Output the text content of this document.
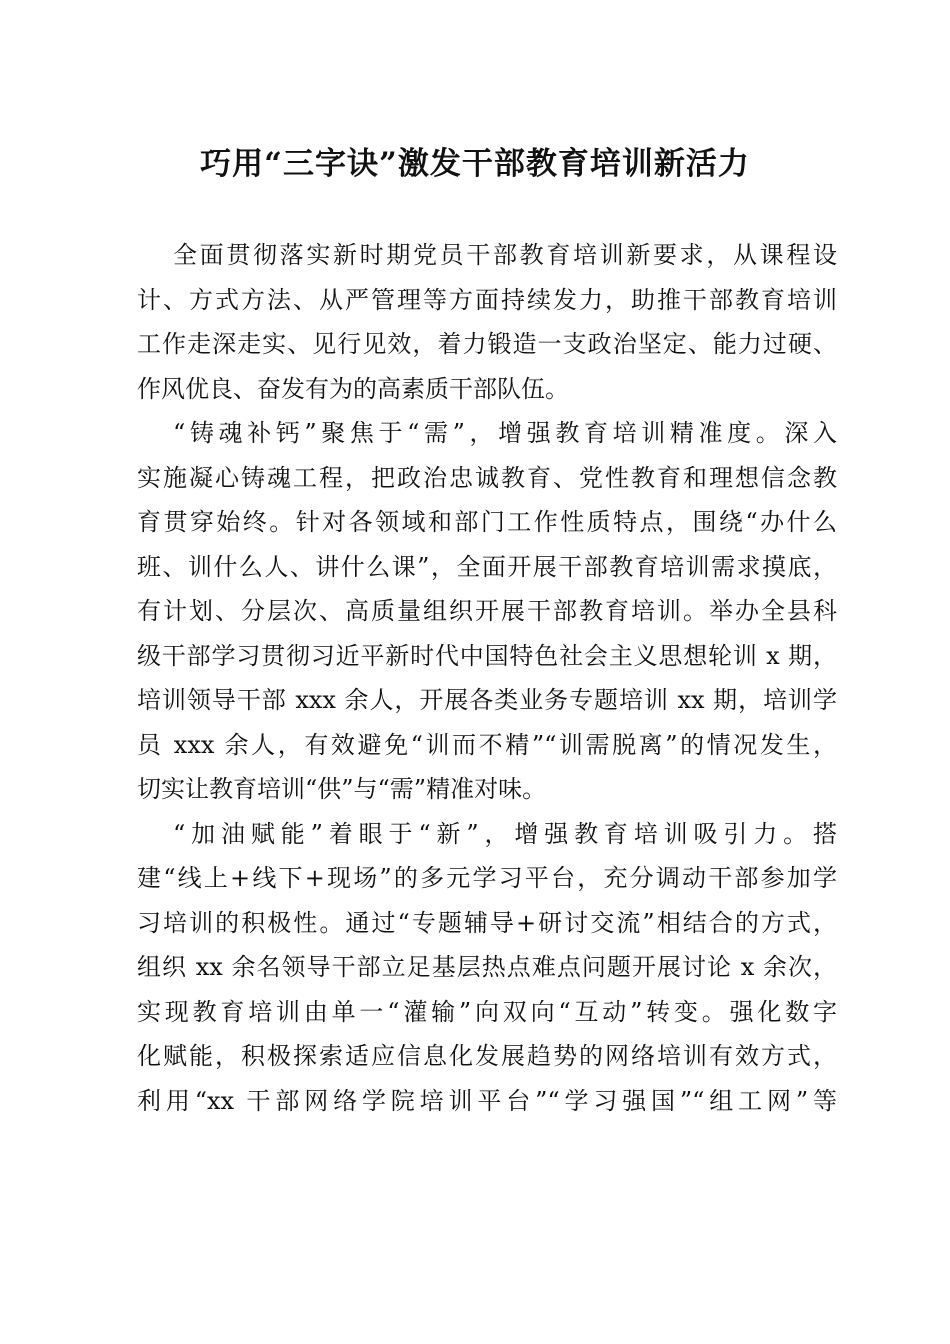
巧用“三字诀”激发干部教育培训新活力
全面贯彻落实新时期党员干部教育培训新要求，从课程设
计、方式方法、从严管理等方面持续发力，助推干部教育培训
工作走深走实、见行见效，着力锻造一支政治坚定、能力过硬、
作风优良、奋发有为的高素质干部队伍。
“铸魂补钙”聚焦于“需”，增强教育培训精准度。深入
实施凝心铸魂工程，把政治忠诚教育、党性教育和理想信念教
育贯穿始终。针对各领域和部门工作性质特点，围绕“办什么
班、训什么人、讲什么课”，全面开展干部教育培训需求摸底，
有计划、分层次、高质量组织开展干部教育培训。举办全县科
级干部学习贯彻习近平新时代中国特色社会主义思想轮训 x 期，
培训领导干部 xxx 余人，开展各类业务专题培训 xx 期，培训学
员 xxx 余人，有效避免“训而不精”“训需脱离”的情况发生，
切实让教育培训“供”与“需”精准对味。
“加油赋能”着眼于“新”，增强教育培训吸引力。搭
建“线上+线下+现场”的多元学习平台，充分调动干部参加学
习培训的积极性。通过“专题辅导+研讨交流”相结合的方式，
组织 xx 余名领导干部立足基层热点难点问题开展讨论 x 余次，
实现教育培训由单一“灌输”向双向“互动”转变。强化数字
化赋能，积极探索适应信息化发展趋势的网络培训有效方式，
利用“xx 干部网络学院培训平台”“学习强国”“组工网”等
